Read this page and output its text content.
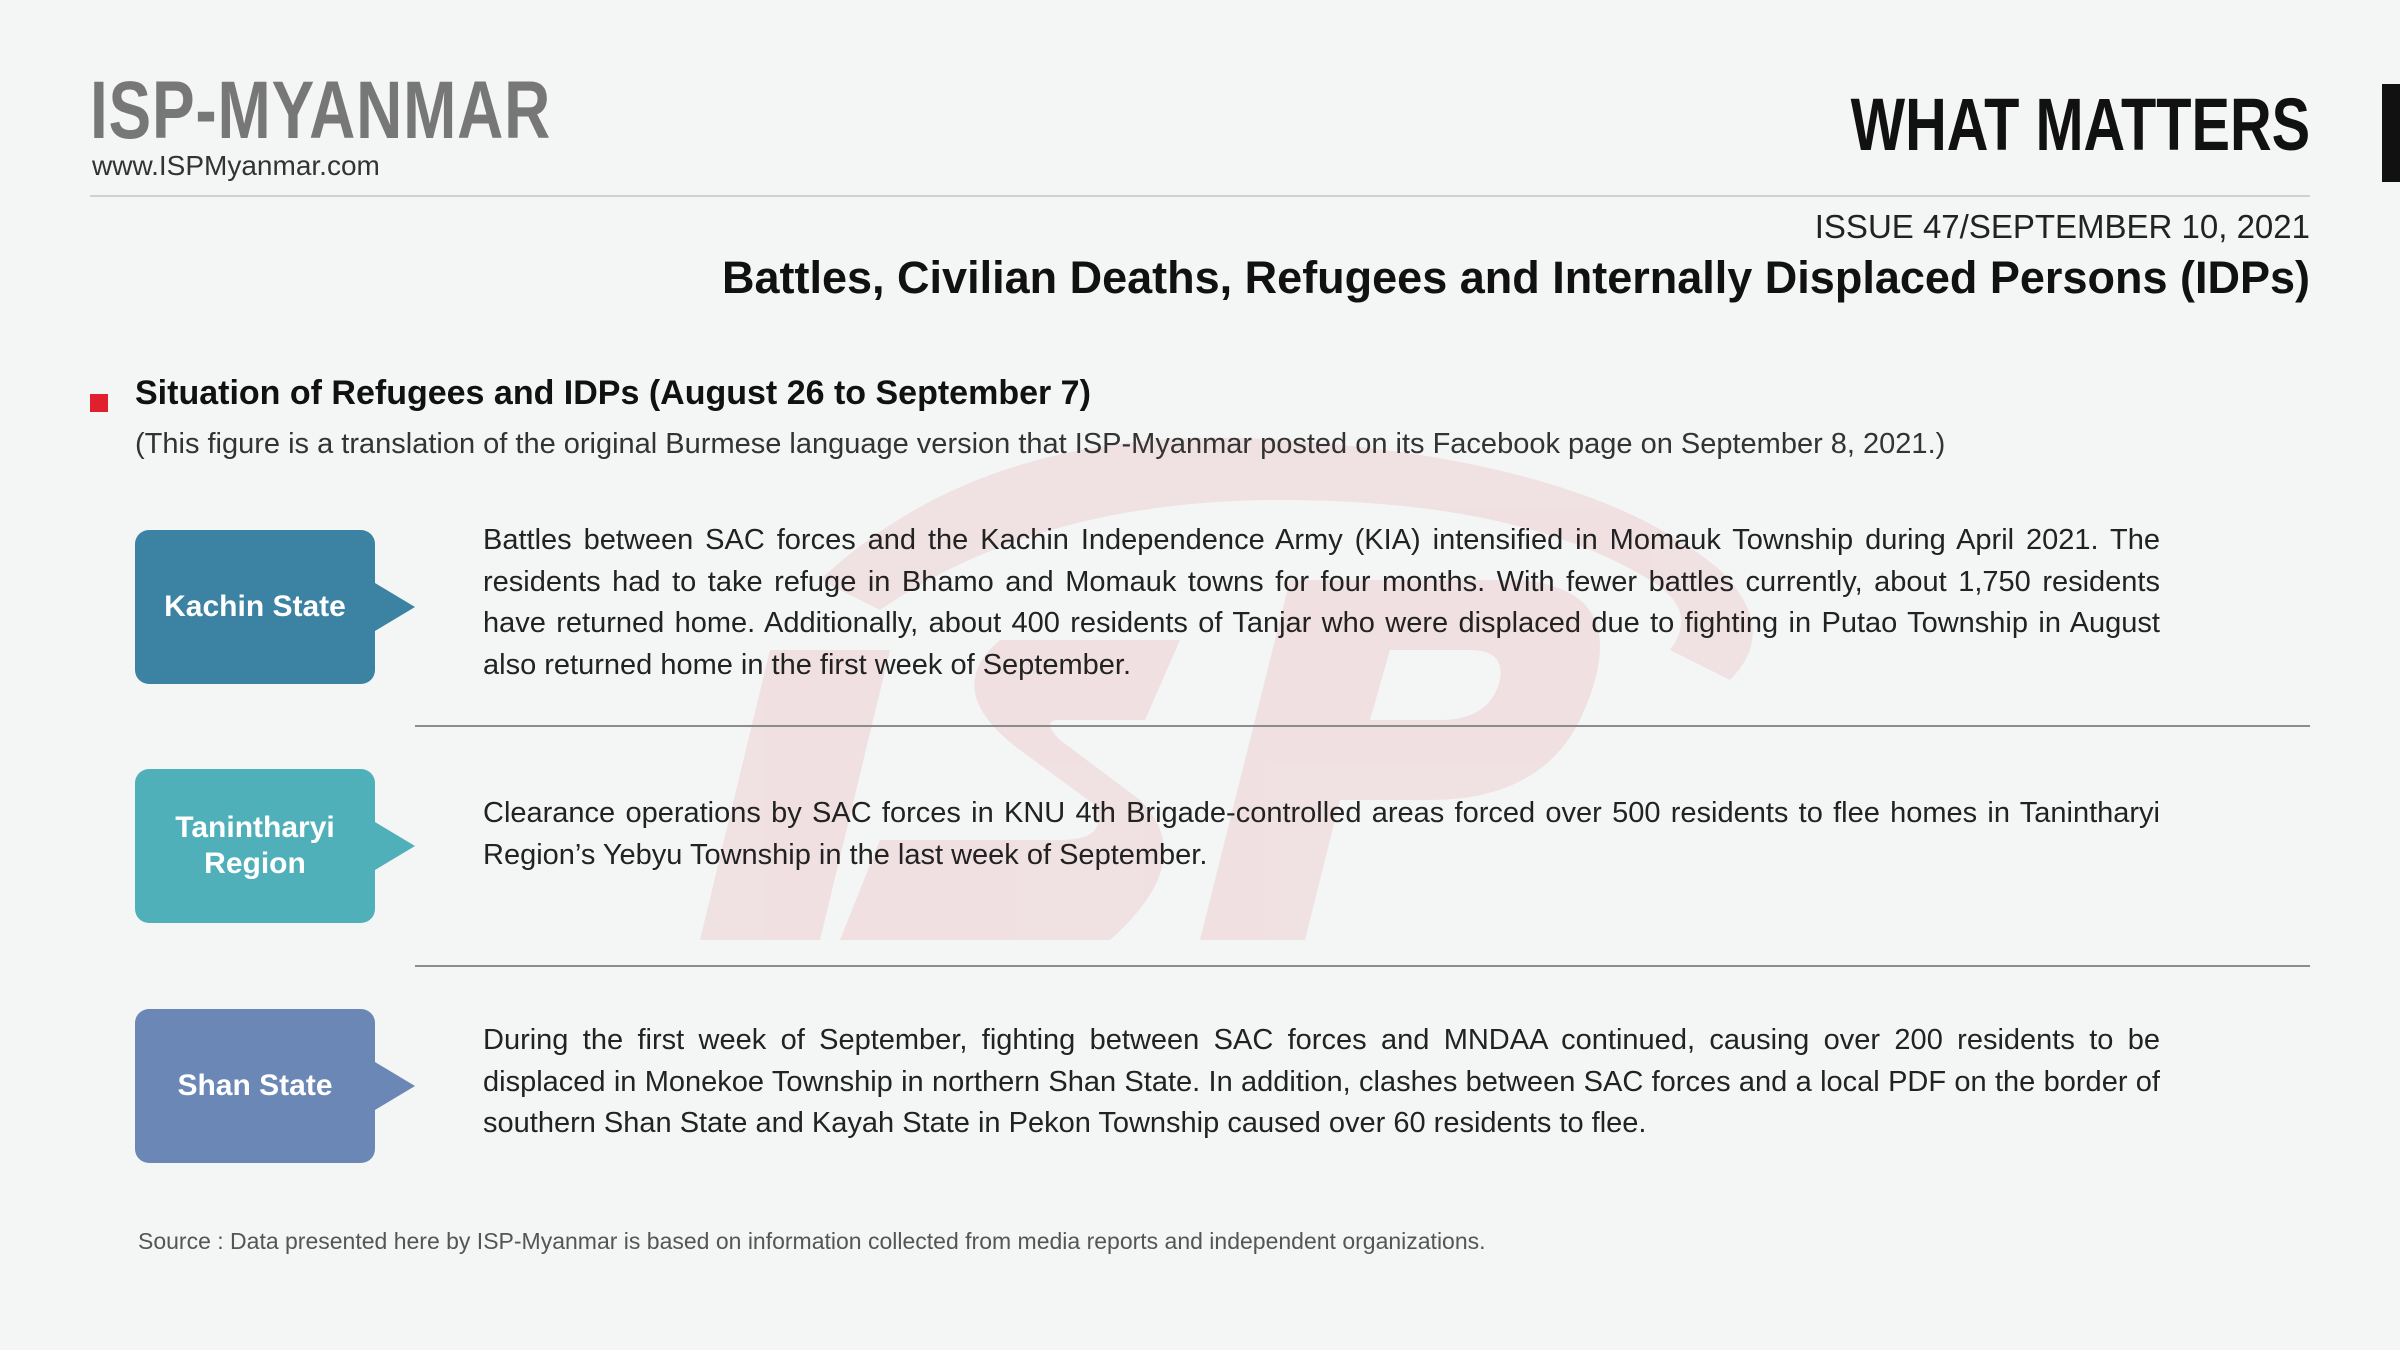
ISP-MYANMAR
www.ISPMyanmar.com	WHAT MATTERS
ISSUE 47/SEPTEMBER 10, 2021
Battles, Civilian Deaths, Refugees and Internally Displaced Persons (IDPs)
Situation of Refugees and IDPs (August 26 to September 7)
(This figure is a translation of the original Burmese language version that ISP-Myanmar posted on its Facebook page on September 8, 2021.)
Kachin State
Battles between SAC forces and the Kachin Independence Army (KIA) intensified in Momauk Township during April 2021. The residents had to take refuge in Bhamo and Momauk towns for four months. With fewer battles currently, about 1,750 residents have returned home. Additionally, about 400 residents of Tanjar who were displaced due to fighting in Putao Township in August also returned home in the first week of September.
Tanintharyi Region
Clearance operations by SAC forces in KNU 4th Brigade-controlled areas forced over 500 residents to flee homes in Tanintharyi Region’s Yebyu Township in the last week of September.
Shan State
During the first week of September, fighting between SAC forces and MNDAA continued, causing over 200 residents to be displaced in Monekoe Township in northern Shan State. In addition, clashes between SAC forces and a local PDF on the border of southern Shan State and Kayah State in Pekon Township caused over 60 residents to flee.
Source : Data presented here by ISP-Myanmar is based on information collected from media reports and independent organizations.
